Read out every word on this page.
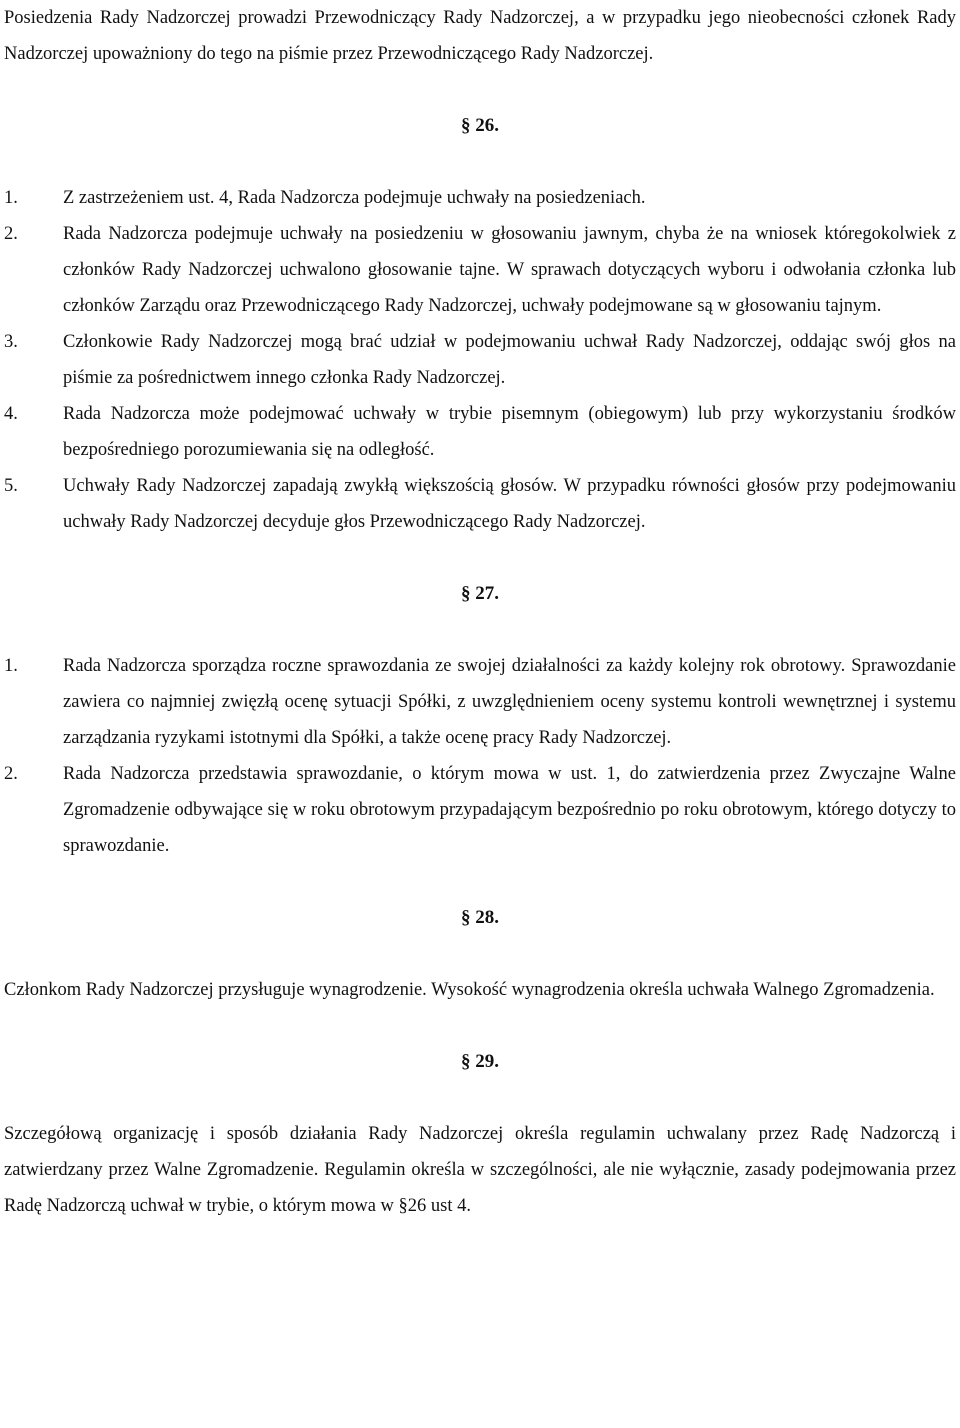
Posiedzenia Rady Nadzorczej prowadzi Przewodniczący Rady Nadzorczej, a w przypadku jego nieobecności członek Rady Nadzorczej upoważniony do tego na piśmie przez Przewodniczącego Rady Nadzorczej.

§ 26.
1.	Z zastrzeżeniem ust. 4, Rada Nadzorcza podejmuje uchwały na posiedzeniach.
2.	Rada Nadzorcza podejmuje uchwały na posiedzeniu w głosowaniu jawnym, chyba że na wniosek któregokolwiek z członków Rady Nadzorczej uchwalono głosowanie tajne. W sprawach dotyczących wyboru i odwołania członka lub członków Zarządu oraz Przewodniczącego Rady Nadzorczej, uchwały podejmowane są w głosowaniu tajnym.
3.	Członkowie Rady Nadzorczej mogą brać udział w podejmowaniu uchwał Rady Nadzorczej, oddając swój głos na piśmie za pośrednictwem innego członka Rady Nadzorczej.
4.	Rada Nadzorcza może podejmować uchwały w trybie pisemnym (obiegowym) lub przy wykorzystaniu środków bezpośredniego porozumiewania się na odległość.
5.	Uchwały Rady Nadzorczej zapadają zwykłą większością głosów. W przypadku równości głosów przy podejmowaniu uchwały Rady Nadzorczej decyduje głos Przewodniczącego Rady Nadzorczej.
§ 27.
1.	Rada Nadzorcza sporządza roczne sprawozdania ze swojej działalności za każdy kolejny rok obrotowy. Sprawozdanie zawiera co najmniej zwięzłą ocenę sytuacji Spółki, z uwzględnieniem oceny systemu kontroli wewnętrznej i systemu zarządzania ryzykami istotnymi dla Spółki, a także ocenę pracy Rady Nadzorczej.
2.	Rada Nadzorcza przedstawia sprawozdanie, o którym mowa w ust. 1, do zatwierdzenia przez Zwyczajne Walne Zgromadzenie odbywające się w roku obrotowym przypadającym bezpośrednio po roku obrotowym, którego dotyczy to sprawozdanie.
§ 28.

Członkom Rady Nadzorczej przysługuje wynagrodzenie. Wysokość wynagrodzenia określa uchwała Walnego Zgromadzenia.

§ 29.

Szczegółową organizację i sposób działania Rady Nadzorczej określa regulamin uchwalany przez Radę Nadzorczą i zatwierdzany przez Walne Zgromadzenie. Regulamin określa w szczególności, ale nie wyłącznie, zasady podejmowania przez Radę Nadzorczą uchwał w trybie, o którym mowa w §26 ust 4.
